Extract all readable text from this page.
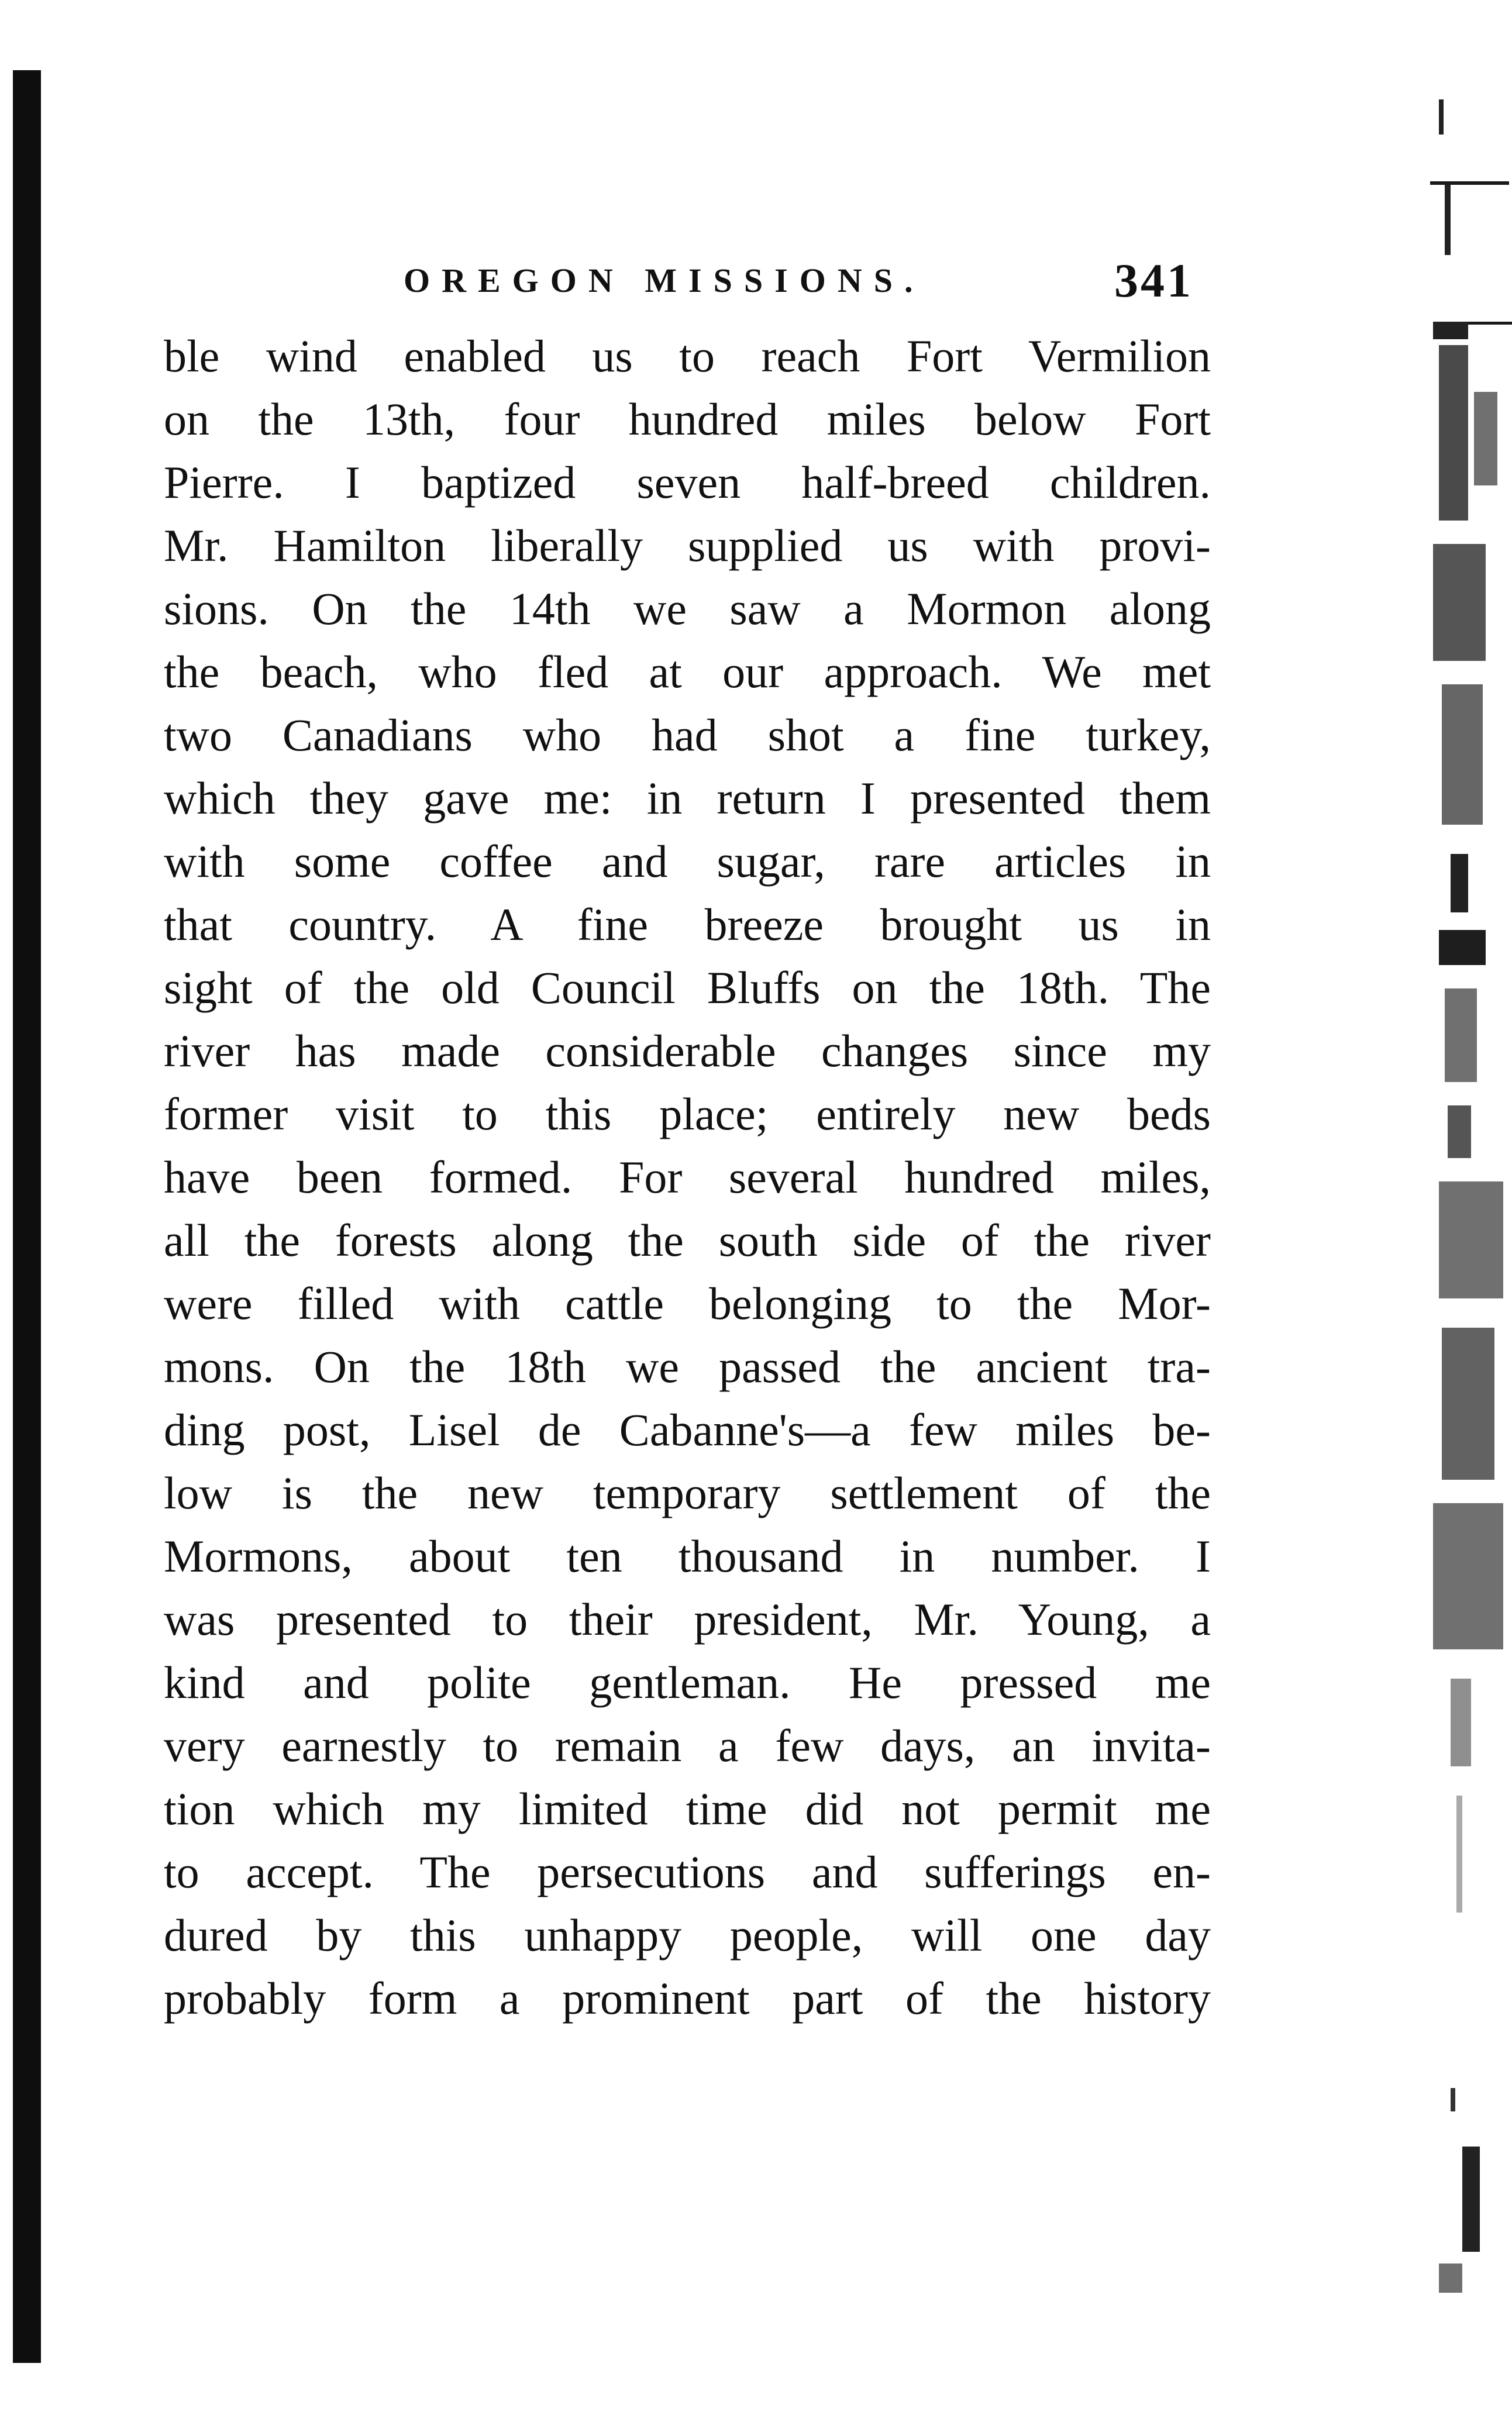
OREGON MISSIONS.	341
ble wind enabled us to reach Fort Vermilion
on the 13th, four hundred miles below Fort
Pierre. I baptized seven half-breed children.
Mr. Hamilton liberally supplied us with provi-
sions. On the 14th we saw a Mormon along
the beach, who fled at our approach. We met
two Canadians who had shot a fine turkey,
which they gave me: in return I presented them
with some coffee and sugar, rare articles in
that country. A fine breeze brought us in
sight of the old Council Bluffs on the 18th. The
river has made considerable changes since my
former visit to this place; entirely new beds
have been formed. For several hundred miles,
all the forests along the south side of the river
were filled with cattle belonging to the Mor-
mons. On the 18th we passed the ancient tra-
ding post, Lisel de Cabanne's—a few miles be-
low is the new temporary settlement of the
Mormons, about ten thousand in number. I
was presented to their president, Mr. Young, a
kind and polite gentleman. He pressed me
very earnestly to remain a few days, an invita-
tion which my limited time did not permit me
to accept. The persecutions and sufferings en-
dured by this unhappy people, will one day
probably form a prominent part of the history
